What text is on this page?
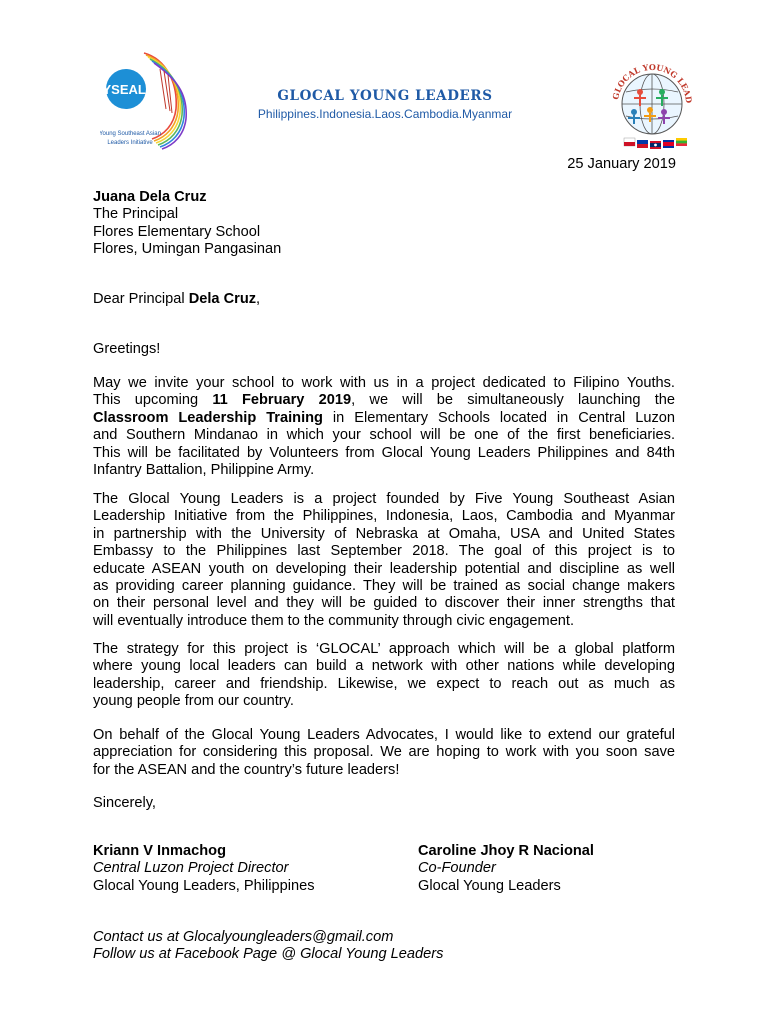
YSEALI
Young Southeast Asian
Leaders Initiative
GLOCAL YOUNG LEADERS
Philippines.Indonesia.Laos.Cambodia.Myanmar
GLOCAL YOUNG LEAD
25 January 2019
Juana Dela Cruz
The Principal
Flores Elementary School
Flores, Umingan Pangasinan
Dear Principal Dela Cruz,
Greetings!
May we invite your school to work with us in a project dedicated to Filipino Youths.
This upcoming 11 February 2019, we will be simultaneously launching the
Classroom Leadership Training in Elementary Schools located in Central Luzon
and Southern Mindanao in which your school will be one of the first beneficiaries.
This will be facilitated by Volunteers from Glocal Young Leaders Philippines and 84th
Infantry Battalion, Philippine Army.
The Glocal Young Leaders is a project founded by Five Young Southeast Asian
Leadership Initiative from the Philippines, Indonesia, Laos, Cambodia and Myanmar
in partnership with the University of Nebraska at Omaha, USA and United States
Embassy to the Philippines last September 2018. The goal of this project is to
educate ASEAN youth on developing their leadership potential and discipline as well
as providing career planning guidance. They will be trained as social change makers
on their personal level and they will be guided to discover their inner strengths that
will eventually introduce them to the community through civic engagement.
The strategy for this project is ‘GLOCAL’ approach which will be a global platform
where young local leaders can build a network with other nations while developing
leadership, career and friendship. Likewise, we expect to reach out as much as
young people from our country.
On behalf of the Glocal Young Leaders Advocates, I would like to extend our grateful
appreciation for considering this proposal. We are hoping to work with you soon save
for the ASEAN and the country’s future leaders!
Sincerely,
Kriann V Inmachog
Central Luzon Project Director
Glocal Young Leaders, Philippines
Caroline Jhoy R Nacional
Co-Founder
Glocal Young Leaders
Contact us at Glocalyoungleaders@gmail.com
Follow us at Facebook Page @ Glocal Young Leaders
